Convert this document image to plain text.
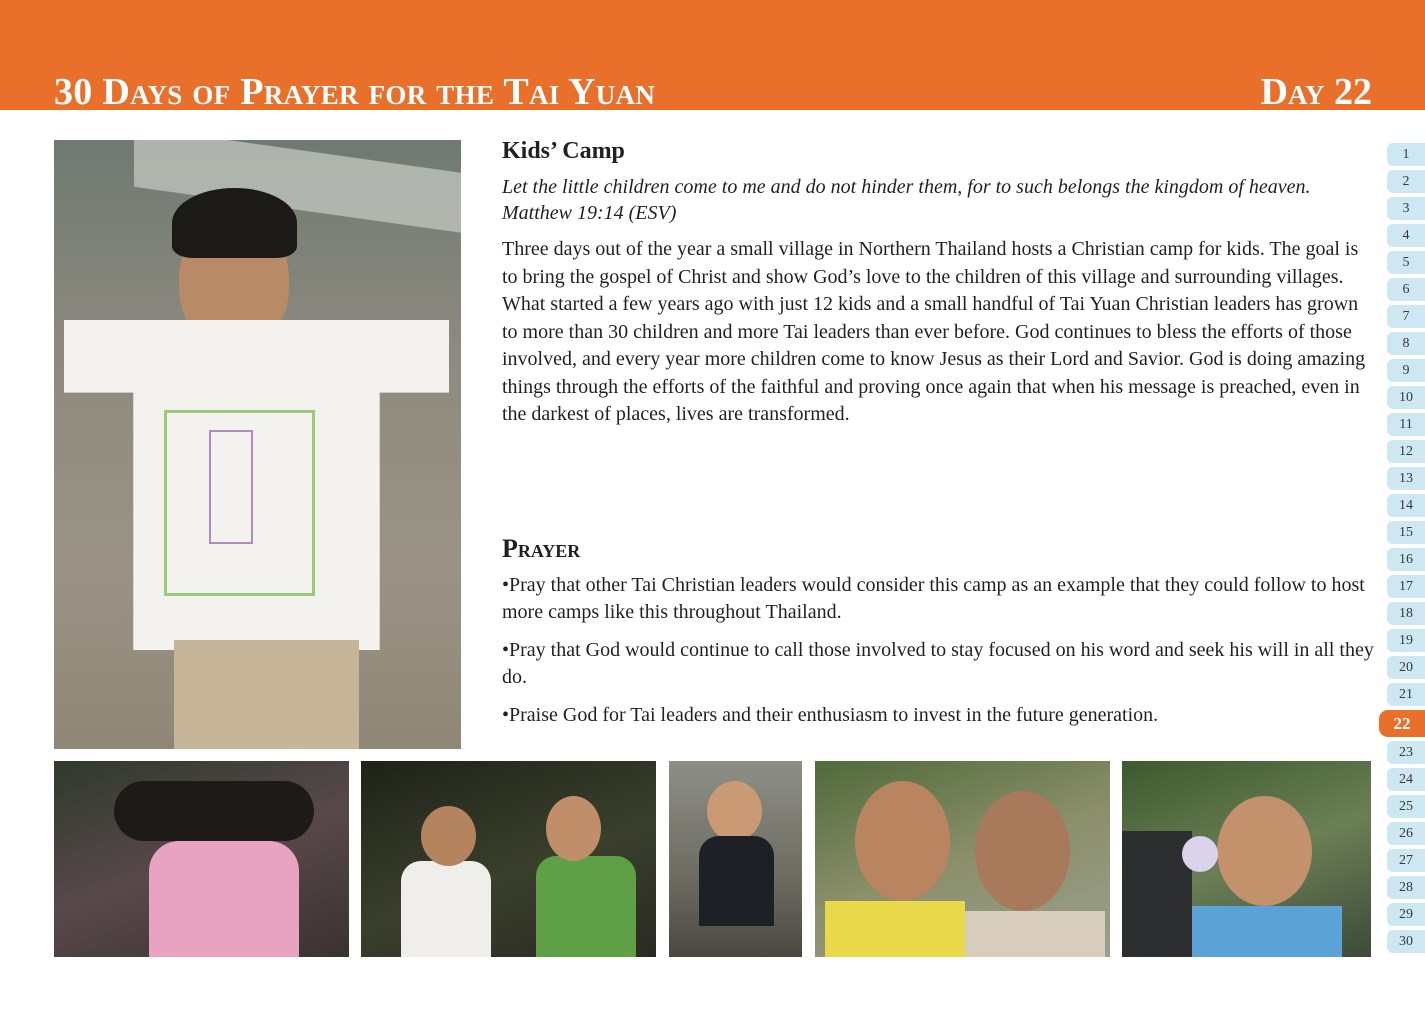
30 Days of Prayer for the Tai Yuan	Day 22
Kids’ Camp

Let the little children come to me and do not hinder them, for to such belongs the kingdom of heaven. Matthew 19:14 (ESV)

Three days out of the year a small village in Northern Thailand hosts a Christian camp for kids. The goal is to bring the gospel of Christ and show God’s love to the children of this village and surrounding villages. What started a few years ago with just 12 kids and a small handful of Tai Yuan Christian leaders has grown to more than 30 children and more Tai leaders than ever before. God continues to bless the efforts of those involved, and every year more children come to know Jesus as their Lord and Savior. God is doing amazing things through the efforts of the faithful and proving once again that when his message is preached, even in the darkest of places, lives are transformed.

Prayer
•Pray that other Tai Christian leaders would consider this camp as an example that they could follow to host more camps like this throughout Thailand.
•Pray that God would continue to call those involved to stay focused on his word and seek his will in all they do.
•Praise God for Tai leaders and their enthusiasm to invest in the future generation.
1
2
3
4
5
6
7
8
9
10
11
12
13
14
15
16
17
18
19
20
21
22
23
24
25
26
27
28
29
30
